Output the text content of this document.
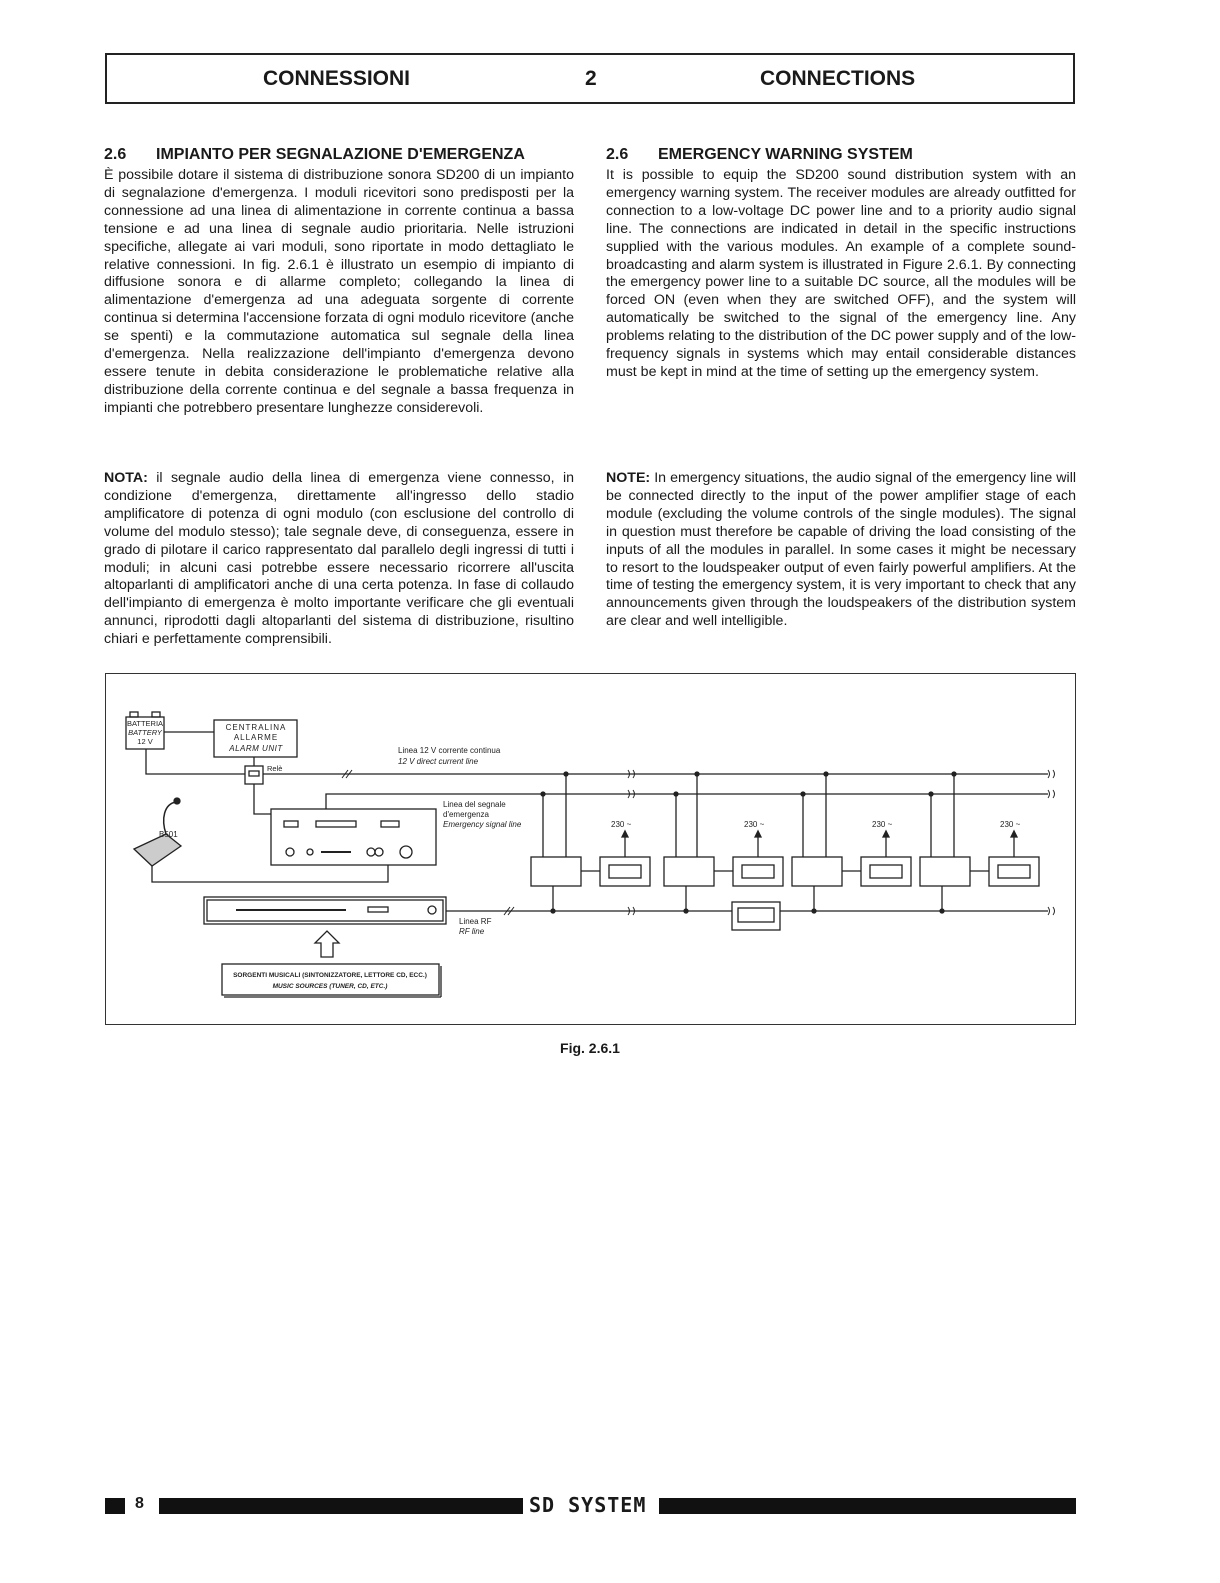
CONNESSIONI	2	CONNECTIONS
2.6 IMPIANTO PER SEGNALAZIONE D'EMERGENZA

È possibile dotare il sistema di distribuzione sonora SD200 di un impianto di segnalazione d'emergenza. I moduli ricevitori sono predisposti per la connessione ad una linea di alimentazione in corrente continua a bassa tensione e ad una linea di segnale audio prioritaria. Nelle istruzioni specifiche, allegate ai vari moduli, sono riportate in modo dettagliato le relative connessioni. In fig. 2.6.1 è illustrato un esempio di impianto di diffusione sonora e di allarme completo; collegando la linea di alimentazione d'emergenza ad una adeguata sorgente di corrente continua si determina l'accensione forzata di ogni modulo ricevitore (anche se spenti) e la commutazione automatica sul segnale della linea d'emergenza. Nella realizzazione dell'impianto d'emergenza devono essere tenute in debita considerazione le problematiche relative alla distribuzione della corrente continua e del segnale a bassa frequenza in impianti che potrebbero presentare lunghezze considerevoli.

NOTA: il segnale audio della linea di emergenza viene connesso, in condizione d'emergenza, direttamente all'ingresso dello stadio amplificatore di potenza di ogni modulo (con esclusione del controllo di volume del modulo stesso); tale segnale deve, di conseguenza, essere in grado di pilotare il carico rappresentato dal parallelo degli ingressi di tutti i moduli; in alcuni casi potrebbe essere necessario ricorrere all'uscita altoparlanti di amplificatori anche di una certa potenza. In fase di collaudo dell'impianto di emergenza è molto importante verificare che gli eventuali annunci, riprodotti dagli altoparlanti del sistema di distribuzione, risultino chiari e perfettamente comprensibili.

2.6 EMERGENCY WARNING SYSTEM

It is possible to equip the SD200 sound distribution system with an emergency warning system. The receiver modules are already outfitted for connection to a low-voltage DC power line and to a priority audio signal line. The connections are indicated in detail in the specific instructions supplied with the various modules. An example of a complete sound-broadcasting and alarm system is illustrated in Figure 2.6.1. By connecting the emergency power line to a suitable DC source, all the modules will be forced ON (even when they are switched OFF), and the system will automatically be switched to the signal of the emergency line. Any problems relating to the distribution of the DC power supply and of the low-frequency signals in systems which may entail considerable distances must be kept in mind at the time of setting up the emergency system.

NOTE: In emergency situations, the audio signal of the emergency line will be connected directly to the input of the power amplifier stage of each module (excluding the volume controls of the single modules). The signal in question must therefore be capable of driving the load consisting of the inputs of all the modules in parallel. In some cases it might be necessary to resort to the loudspeaker output of even fairly powerful amplifiers. At the time of testing the emergency system, it is very important to check that any announcements given through the loudspeakers of the distribution system are clear and well intelligible.

BATTERIA
BATTERY
12 V
CENTRALINA
ALLARME
ALARM UNIT
Relè
Linea 12 V corrente continua
12 V direct current line
Linea del segnale
d'emergenza
Emergency signal line
B501
Linea RF
RF line
SORGENTI MUSICALI (SINTONIZZATORE, LETTORE CD, ECC.)
MUSIC SOURCES (TUNER, CD, ETC.)
230 ~	230 ~	230 ~	230 ~
Fig. 2.6.1
8	SD SYSTEM
